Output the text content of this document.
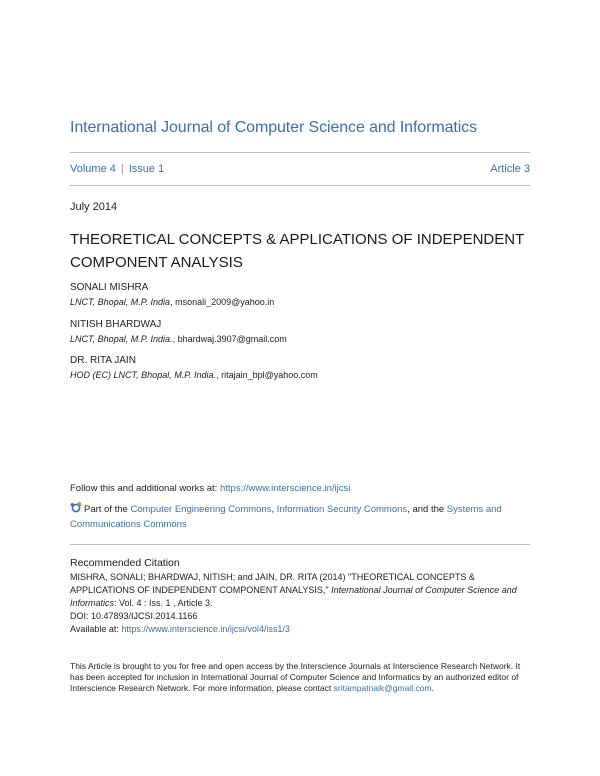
International Journal of Computer Science and Informatics
Volume 4 | Issue 1	Article 3
July 2014
THEORETICAL CONCEPTS & APPLICATIONS OF INDEPENDENT COMPONENT ANALYSIS
SONALI MISHRA
LNCT, Bhopal, M.P. India, msonali_2009@yahoo.in
NITISH BHARDWAJ
LNCT, Bhopal, M.P. India., bhardwaj.3907@gmail.com
DR. RITA JAIN
HOD (EC) LNCT, Bhopal, M.P. India., ritajain_bpl@yahoo.com
Follow this and additional works at: https://www.interscience.in/ijcsi
Part of the Computer Engineering Commons, Information Security Commons, and the Systems and Communications Commons
Recommended Citation
MISHRA, SONALI; BHARDWAJ, NITISH; and JAIN, DR. RITA (2014) "THEORETICAL CONCEPTS & APPLICATIONS OF INDEPENDENT COMPONENT ANALYSIS," International Journal of Computer Science and Informatics: Vol. 4 : Iss. 1 , Article 3.
DOI: 10.47893/IJCSI.2014.1166
Available at: https://www.interscience.in/ijcsi/vol4/iss1/3
This Article is brought to you for free and open access by the Interscience Journals at Interscience Research Network. It has been accepted for inclusion in International Journal of Computer Science and Informatics by an authorized editor of Interscience Research Network. For more information, please contact sritampatnaik@gmail.com.
